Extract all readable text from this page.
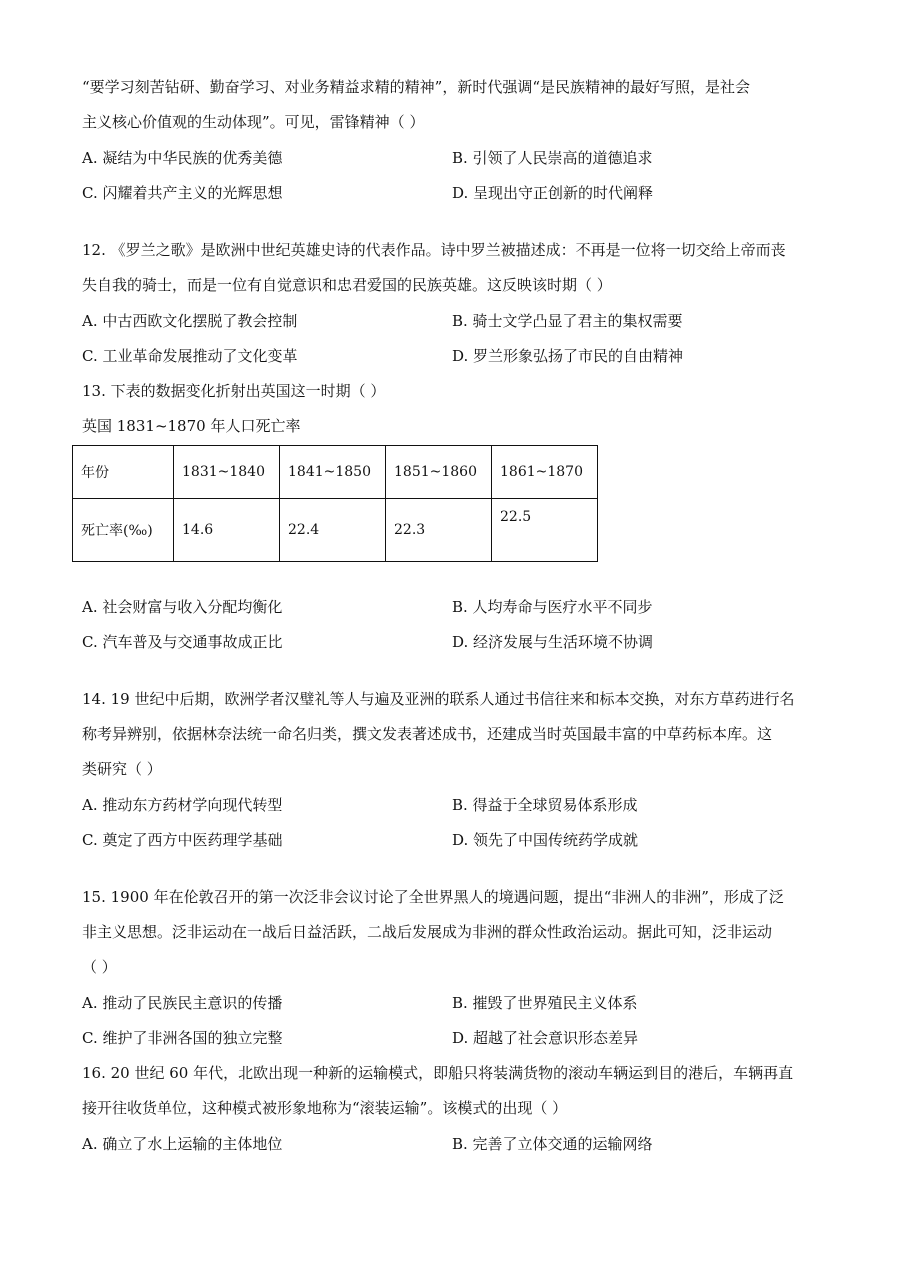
“要学习刻苦钻研、勤奋学习、对业务精益求精的精神”，新时代强调“是民族精神的最好写照，是社会
主义核心价值观的生动体现”。可见，雷锋精神（ ）
A. 凝结为中华民族的优秀美德	B. 引领了人民崇高的道德追求
C. 闪耀着共产主义的光辉思想	D. 呈现出守正创新的时代阐释
12. 《罗兰之歌》是欧洲中世纪英雄史诗的代表作品。诗中罗兰被描述成：不再是一位将一切交给上帝而丧
失自我的骑士，而是一位有自觉意识和忠君爱国的民族英雄。这反映该时期（ ）
A. 中古西欧文化摆脱了教会控制	B. 骑士文学凸显了君主的集权需要
C. 工业革命发展推动了文化变革	D. 罗兰形象弘扬了市民的自由精神
13. 下表的数据变化折射出英国这一时期（ ）
英国 1831~1870 年人口死亡率
年份	1831~1840	1841~1850	1851~1860	1861~1870
死亡率(‰)	14.6	22.4	22.3	22.5
A. 社会财富与收入分配均衡化	B. 人均寿命与医疗水平不同步
C. 汽车普及与交通事故成正比	D. 经济发展与生活环境不协调
14. 19 世纪中后期，欧洲学者汉璧礼等人与遍及亚洲的联系人通过书信往来和标本交换，对东方草药进行名
称考异辨别，依据林奈法统一命名归类，撰文发表著述成书，还建成当时英国最丰富的中草药标本库。这
类研究（ ）
A. 推动东方药材学向现代转型	B. 得益于全球贸易体系形成
C. 奠定了西方中医药理学基础	D. 领先了中国传统药学成就
15. 1900 年在伦敦召开的第一次泛非会议讨论了全世界黑人的境遇问题，提出“非洲人的非洲”，形成了泛
非主义思想。泛非运动在一战后日益活跃，二战后发展成为非洲的群众性政治运动。据此可知，泛非运动
（ ）
A. 推动了民族民主意识的传播	B. 摧毁了世界殖民主义体系
C. 维护了非洲各国的独立完整	D. 超越了社会意识形态差异
16. 20 世纪 60 年代，北欧出现一种新的运输模式，即船只将装满货物的滚动车辆运到目的港后，车辆再直
接开往收货单位，这种模式被形象地称为“滚装运输”。该模式的出现（ ）
A. 确立了水上运输的主体地位	B. 完善了立体交通的运输网络
